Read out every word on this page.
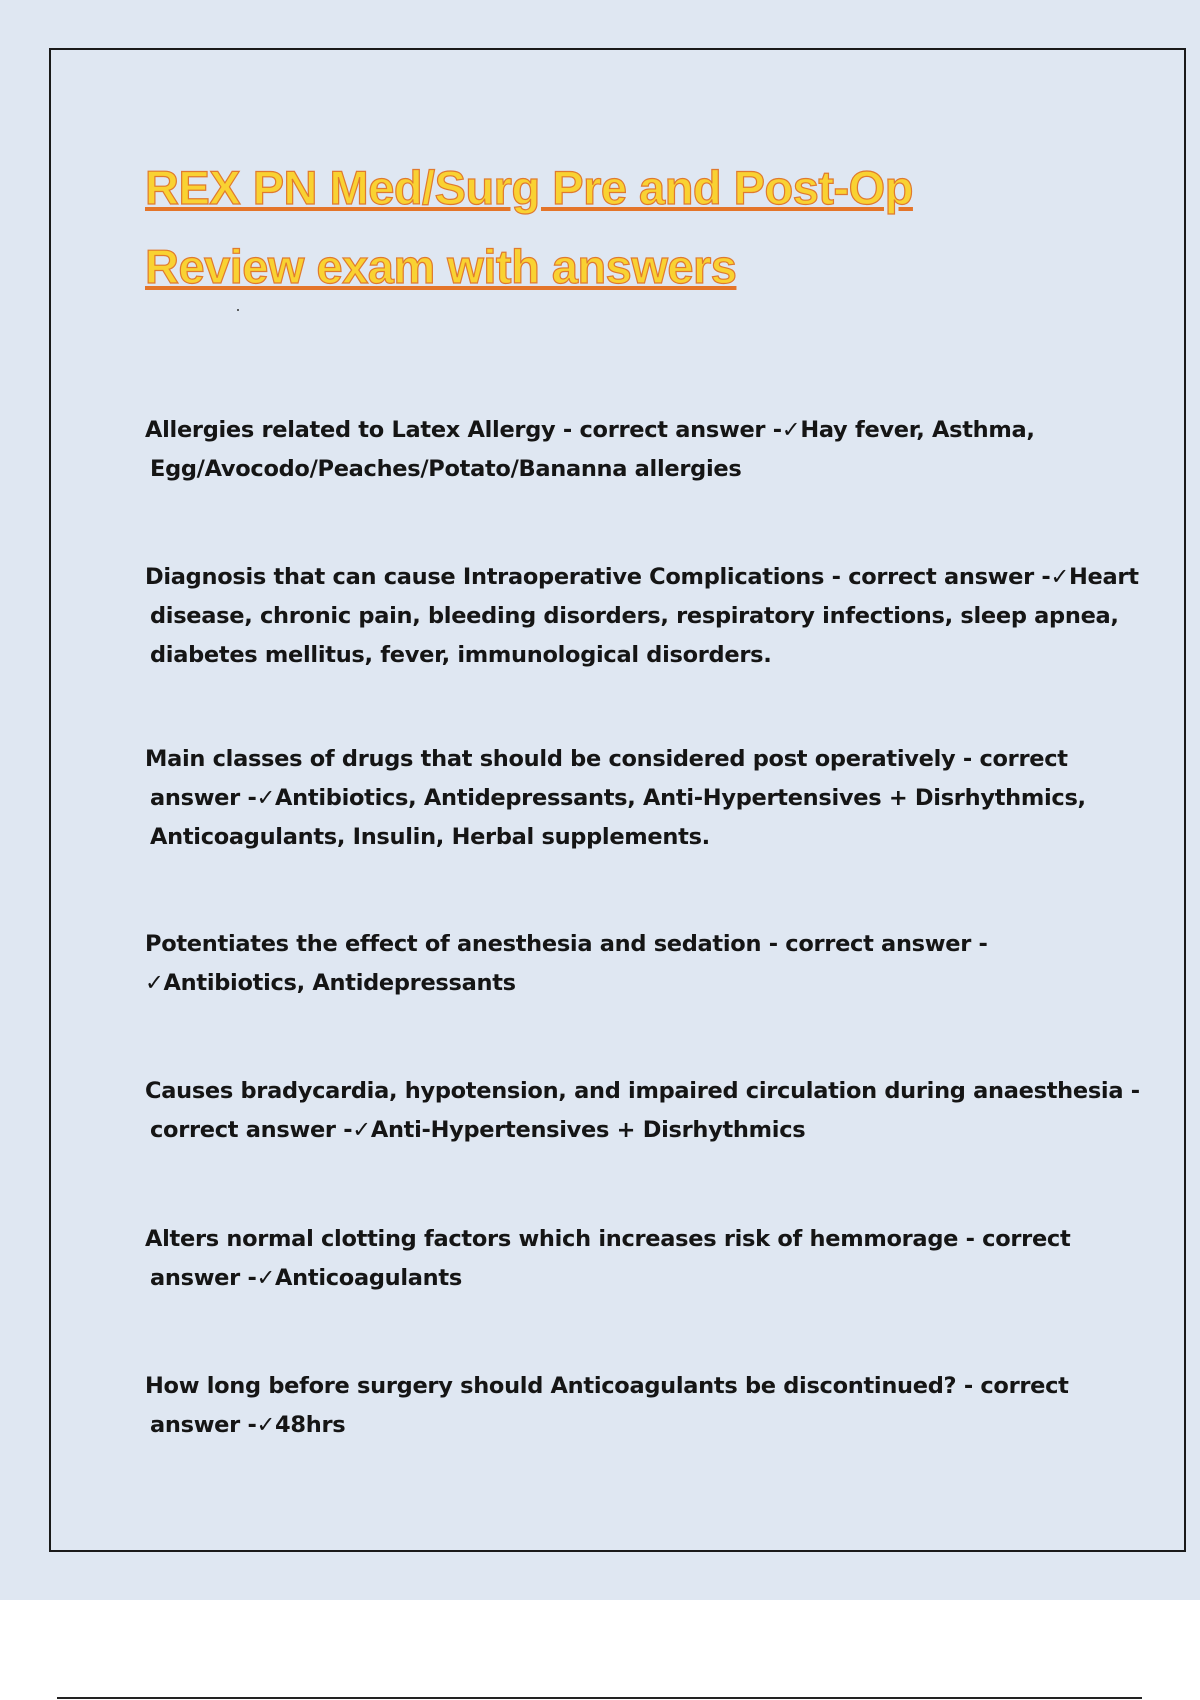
REX PN Med/Surg Pre and Post-Op
Review exam with answers

Allergies related to Latex Allergy - correct answer -✓Hay fever, Asthma,
Egg/Avocodo/Peaches/Potato/Bananna allergies

Diagnosis that can cause Intraoperative Complications - correct answer -✓Heart
disease, chronic pain, bleeding disorders, respiratory infections, sleep apnea,
diabetes mellitus, fever, immunological disorders.

Main classes of drugs that should be considered post operatively - correct
answer -✓Antibiotics, Antidepressants, Anti-Hypertensives + Disrhythmics,
Anticoagulants, Insulin, Herbal supplements.

Potentiates the effect of anesthesia and sedation - correct answer -
✓Antibiotics, Antidepressants

Causes bradycardia, hypotension, and impaired circulation during anaesthesia -
correct answer -✓Anti-Hypertensives + Disrhythmics

Alters normal clotting factors which increases risk of hemmorage - correct
answer -✓Anticoagulants

How long before surgery should Anticoagulants be discontinued? - correct
answer -✓48hrs
